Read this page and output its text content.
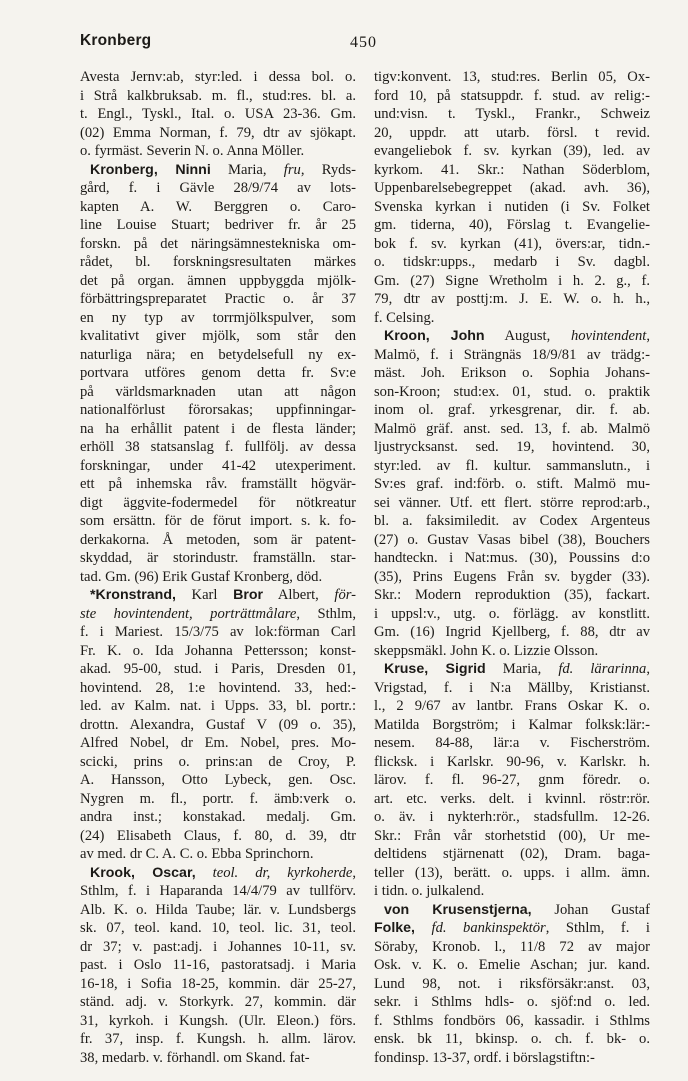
Kronberg	450
Avesta Jernv:ab, styr:led. i dessa bol. o.
i Strå kalkbruksab. m. fl., stud:res. bl. a.
t. Engl., Tyskl., Ital. o. USA 23-36. Gm.
(02) Emma Norman, f. 79, dtr av sjökapt.
o. fyrmäst. Severin N. o. Anna Möller.
Kronberg, Ninni Maria, fru, Ryds-
gård, f. i Gävle 28/9/74 av lots-
kapten A. W. Berggren o. Caro-
line Louise Stuart; bedriver fr. år 25
forskn. på det näringsämnestekniska om-
rådet, bl. forskningsresultaten märkes
det på organ. ämnen uppbyggda mjölk-
förbättringspreparatet Practic o. år 37
en ny typ av torrmjölkspulver, som
kvalitativt giver mjölk, som står den
naturliga nära; en betydelsefull ny ex-
portvara utföres genom detta fr. Sv:e
på världsmarknaden utan att någon
nationalförlust förorsakas; uppfinningar-
na ha erhållit patent i de flesta länder;
erhöll 38 statsanslag f. fullfölj. av dessa
forskningar, under 41-42 utexperiment.
ett på inhemska råv. framställt högvär-
digt äggvite-fodermedel för nötkreatur
som ersättn. för de förut import. s. k. fo-
derkakorna. Å metoden, som är patent-
skyddad, är storindustr. framställn. star-
tad. Gm. (96) Erik Gustaf Kronberg, död.
*Kronstrand, Karl Bror Albert, för-
ste hovintendent, porträttmålare, Sthlm,
f. i Mariest. 15/3/75 av lok:förman Carl
Fr. K. o. Ida Johanna Pettersson; konst-
akad. 95-00, stud. i Paris, Dresden 01,
hovintend. 28, 1:e hovintend. 33, hed:-
led. av Kalm. nat. i Upps. 33, bl. portr.:
drottn. Alexandra, Gustaf V (09 o. 35),
Alfred Nobel, dr Em. Nobel, pres. Mo-
scicki, prins o. prins:an de Croy, P.
A. Hansson, Otto Lybeck, gen. Osc.
Nygren m. fl., portr. f. ämb:verk o.
andra inst.; konstakad. medalj. Gm.
(24) Elisabeth Claus, f. 80, d. 39, dtr
av med. dr C. A. C. o. Ebba Sprinchorn.
Krook, Oscar, teol. dr, kyrkoherde,
Sthlm, f. i Haparanda 14/4/79 av tullförv.
Alb. K. o. Hilda Taube; lär. v. Lundsbergs
sk. 07, teol. kand. 10, teol. lic. 31, teol.
dr 37; v. past:adj. i Johannes 10-11, sv.
past. i Oslo 11-16, pastoratsadj. i Maria
16-18, i Sofia 18-25, kommin. där 25-27,
ständ. adj. v. Storkyrk. 27, kommin. där
31, kyrkoh. i Kungsh. (Ulr. Eleon.) förs.
fr. 37, insp. f. Kungsh. h. allm. lärov.
38, medarb. v. förhandl. om Skand. fat-
tigv:konvent. 13, stud:res. Berlin 05, Ox-
ford 10, på statsuppdr. f. stud. av relig:-
und:visn. t. Tyskl., Frankr., Schweiz
20, uppdr. att utarb. försl. t revid.
evangeliebok f. sv. kyrkan (39), led. av
kyrkom. 41. Skr.: Nathan Söderblom,
Uppenbarelsebegreppet (akad. avh. 36),
Svenska kyrkan i nutiden (i Sv. Folket
gm. tiderna, 40), Förslag t. Evangelie-
bok f. sv. kyrkan (41), övers:ar, tidn.-
o. tidskr:upps., medarb i Sv. dagbl.
Gm. (27) Signe Wretholm i h. 2. g., f.
79, dtr av posttj:m. J. E. W. o. h. h.,
f. Celsing.
Kroon, John August, hovintendent,
Malmö, f. i Strängnäs 18/9/81 av trädg:-
mäst. Joh. Erikson o. Sophia Johans-
son-Kroon; stud:ex. 01, stud. o. praktik
inom ol. graf. yrkesgrenar, dir. f. ab.
Malmö gräf. anst. sed. 13, f. ab. Malmö
ljustrycksanst. sed. 19, hovintend. 30,
styr:led. av fl. kultur. sammanslutn., i
Sv:es graf. ind:förb. o. stift. Malmö mu-
sei vänner. Utf. ett flert. större reprod:arb.,
bl. a. faksimiledit. av Codex Argenteus
(27) o. Gustav Vasas bibel (38), Bouchers
handteckn. i Nat:mus. (30), Poussins d:o
(35), Prins Eugens Från sv. bygder (33).
Skr.: Modern reproduktion (35), fackart.
i uppsl:v., utg. o. förlägg. av konstlitt.
Gm. (16) Ingrid Kjellberg, f. 88, dtr av
skeppsmäkl. John K. o. Lizzie Olsson.
Kruse, Sigrid Maria, fd. lärarinna,
Vrigstad, f. i N:a Mällby, Kristianst.
l., 2 9/67 av lantbr. Frans Oskar K. o.
Matilda Borgström; i Kalmar folksk:lär:-
nesem. 84-88, lär:a v. Fischerström.
flicksk. i Karlskr. 90-96, v. Karlskr. h.
lärov. f. fl. 96-27, gnm föredr. o.
art. etc. verks. delt. i kvinnl. röstr:rör.
o. äv. i nykterh:rör., stadsfullm. 12-26.
Skr.: Från vår storhetstid (00), Ur me-
deltidens stjärnenatt (02), Dram. baga-
teller (13), berätt. o. upps. i allm. ämn.
i tidn. o. julkalend.
von Krusenstjerna, Johan Gustaf
Folke, fd. bankinspektör, Sthlm, f. i
Söraby, Kronob. l., 11/8 72 av major
Osk. v. K. o. Emelie Aschan; jur. kand.
Lund 98, not. i riksförsäkr:anst. 03,
sekr. i Sthlms hdls- o. sjöf:nd o. led.
f. Sthlms fondbörs 06, kassadir. i Sthlms
ensk. bk 11, bkinsp. o. ch. f. bk- o.
fondinsp. 13-37, ordf. i börslagstiftn:-
